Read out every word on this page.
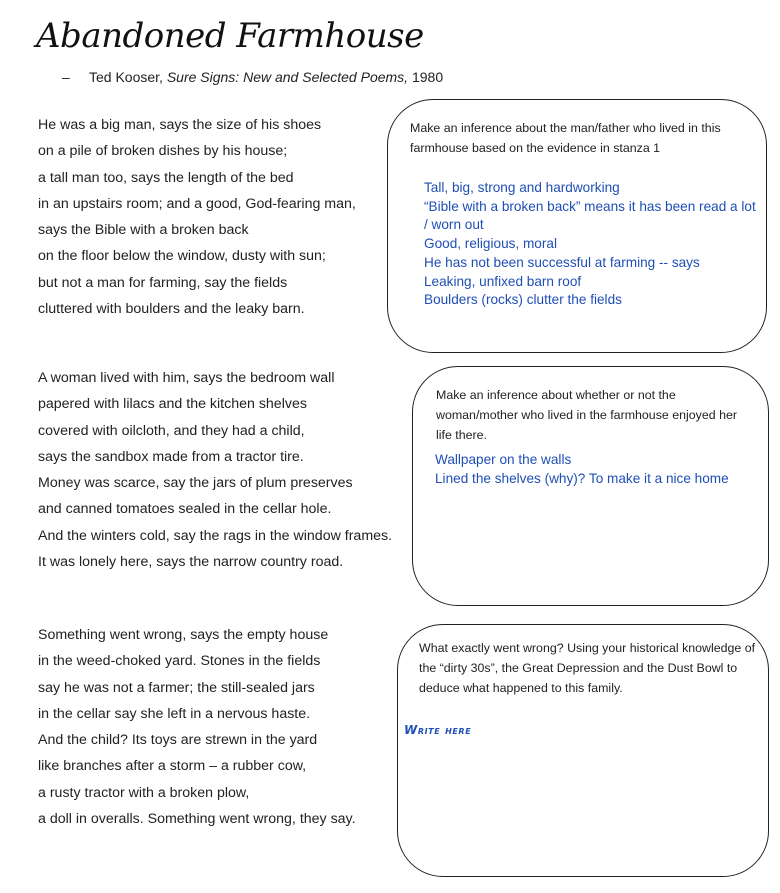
Abandoned Farmhouse
– Ted Kooser, Sure Signs: New and Selected Poems, 1980
He was a big man, says the size of his shoes
on a pile of broken dishes by his house;
a tall man too, says the length of the bed
in an upstairs room; and a good, God-fearing man,
says the Bible with a broken back
on the floor below the window, dusty with sun;
but not a man for farming, say the fields
cluttered with boulders and the leaky barn.
A woman lived with him, says the bedroom wall
papered with lilacs and the kitchen shelves
covered with oilcloth, and they had a child,
says the sandbox made from a tractor tire.
Money was scarce, say the jars of plum preserves
and canned tomatoes sealed in the cellar hole.
And the winters cold, say the rags in the window frames.
It was lonely here, says the narrow country road.
Something went wrong, says the empty house
in the weed-choked yard. Stones in the fields
say he was not a farmer; the still-sealed jars
in the cellar say she left in a nervous haste.
And the child? Its toys are strewn in the yard
like branches after a storm – a rubber cow,
a rusty tractor with a broken plow,
a doll in overalls. Something went wrong, they say.
Make an inference about the man/father who lived in this farmhouse based on the evidence in stanza 1
Tall, big, strong and hardworking
“Bible with a broken back” means it has been read a lot / worn out
Good, religious, moral
He has not been successful at farming -- says
Leaking, unfixed barn roof
Boulders (rocks) clutter the fields
Make an inference about whether or not the woman/mother who lived in the farmhouse enjoyed her life there.
Wallpaper on the walls
Lined the shelves (why)? To make it a nice home
What exactly went wrong? Using your historical knowledge of the “dirty 30s”, the Great Depression and the Dust Bowl to deduce what happened to this family.
Write here
